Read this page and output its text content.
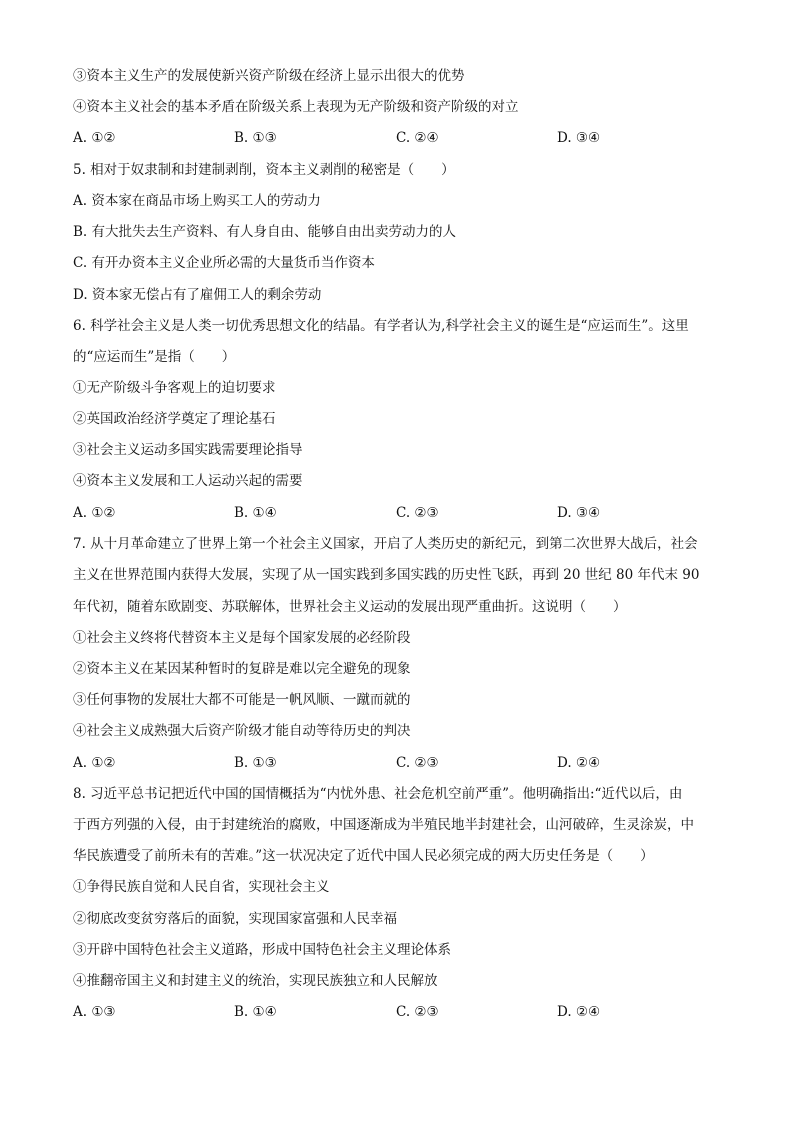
③资本主义生产的发展使新兴资产阶级在经济上显示出很大的优势
④资本主义社会的基本矛盾在阶级关系上表现为无产阶级和资产阶级的对立
A. ①②	B. ①③	C. ②④	D. ③④
5. 相对于奴隶制和封建制剥削，资本主义剥削的秘密是（　　）
A. 资本家在商品市场上购买工人的劳动力
B. 有大批失去生产资料、有人身自由、能够自由出卖劳动力的人
C. 有开办资本主义企业所必需的大量货币当作资本
D. 资本家无偿占有了雇佣工人的剩余劳动
6. 科学社会主义是人类一切优秀思想文化的结晶。有学者认为,科学社会主义的诞生是“应运而生”。这里
的“应运而生”是指（　　）
①无产阶级斗争客观上的迫切要求
②英国政治经济学奠定了理论基石
③社会主义运动多国实践需要理论指导
④资本主义发展和工人运动兴起的需要
A. ①②	B. ①④	C. ②③	D. ③④
7. 从十月革命建立了世界上第一个社会主义国家，开启了人类历史的新纪元，到第二次世界大战后，社会
主义在世界范围内获得大发展，实现了从一国实践到多国实践的历史性飞跃，再到 20 世纪 80 年代末 90
年代初，随着东欧剧变、苏联解体，世界社会主义运动的发展出现严重曲折。这说明（　　）
①社会主义终将代替资本主义是每个国家发展的必经阶段
②资本主义在某因某种暂时的复辟是难以完全避免的现象
③任何事物的发展壮大都不可能是一帆风顺、一蹴而就的
④社会主义成熟强大后资产阶级才能自动等待历史的判决
A. ①②	B. ①③	C. ②③	D. ②④
8. 习近平总书记把近代中国的国情概括为“内忧外患、社会危机空前严重”。他明确指出:“近代以后，由
于西方列强的入侵，由于封建统治的腐败，中国逐渐成为半殖民地半封建社会，山河破碎，生灵涂炭，中
华民族遭受了前所未有的苦难。”这一状况决定了近代中国人民必须完成的两大历史任务是（　　）
①争得民族自觉和人民自省，实现社会主义
②彻底改变贫穷落后的面貌，实现国家富强和人民幸福
③开辟中国特色社会主义道路，形成中国特色社会主义理论体系
④推翻帝国主义和封建主义的统治，实现民族独立和人民解放
A. ①③	B. ①④	C. ②③	D. ②④
